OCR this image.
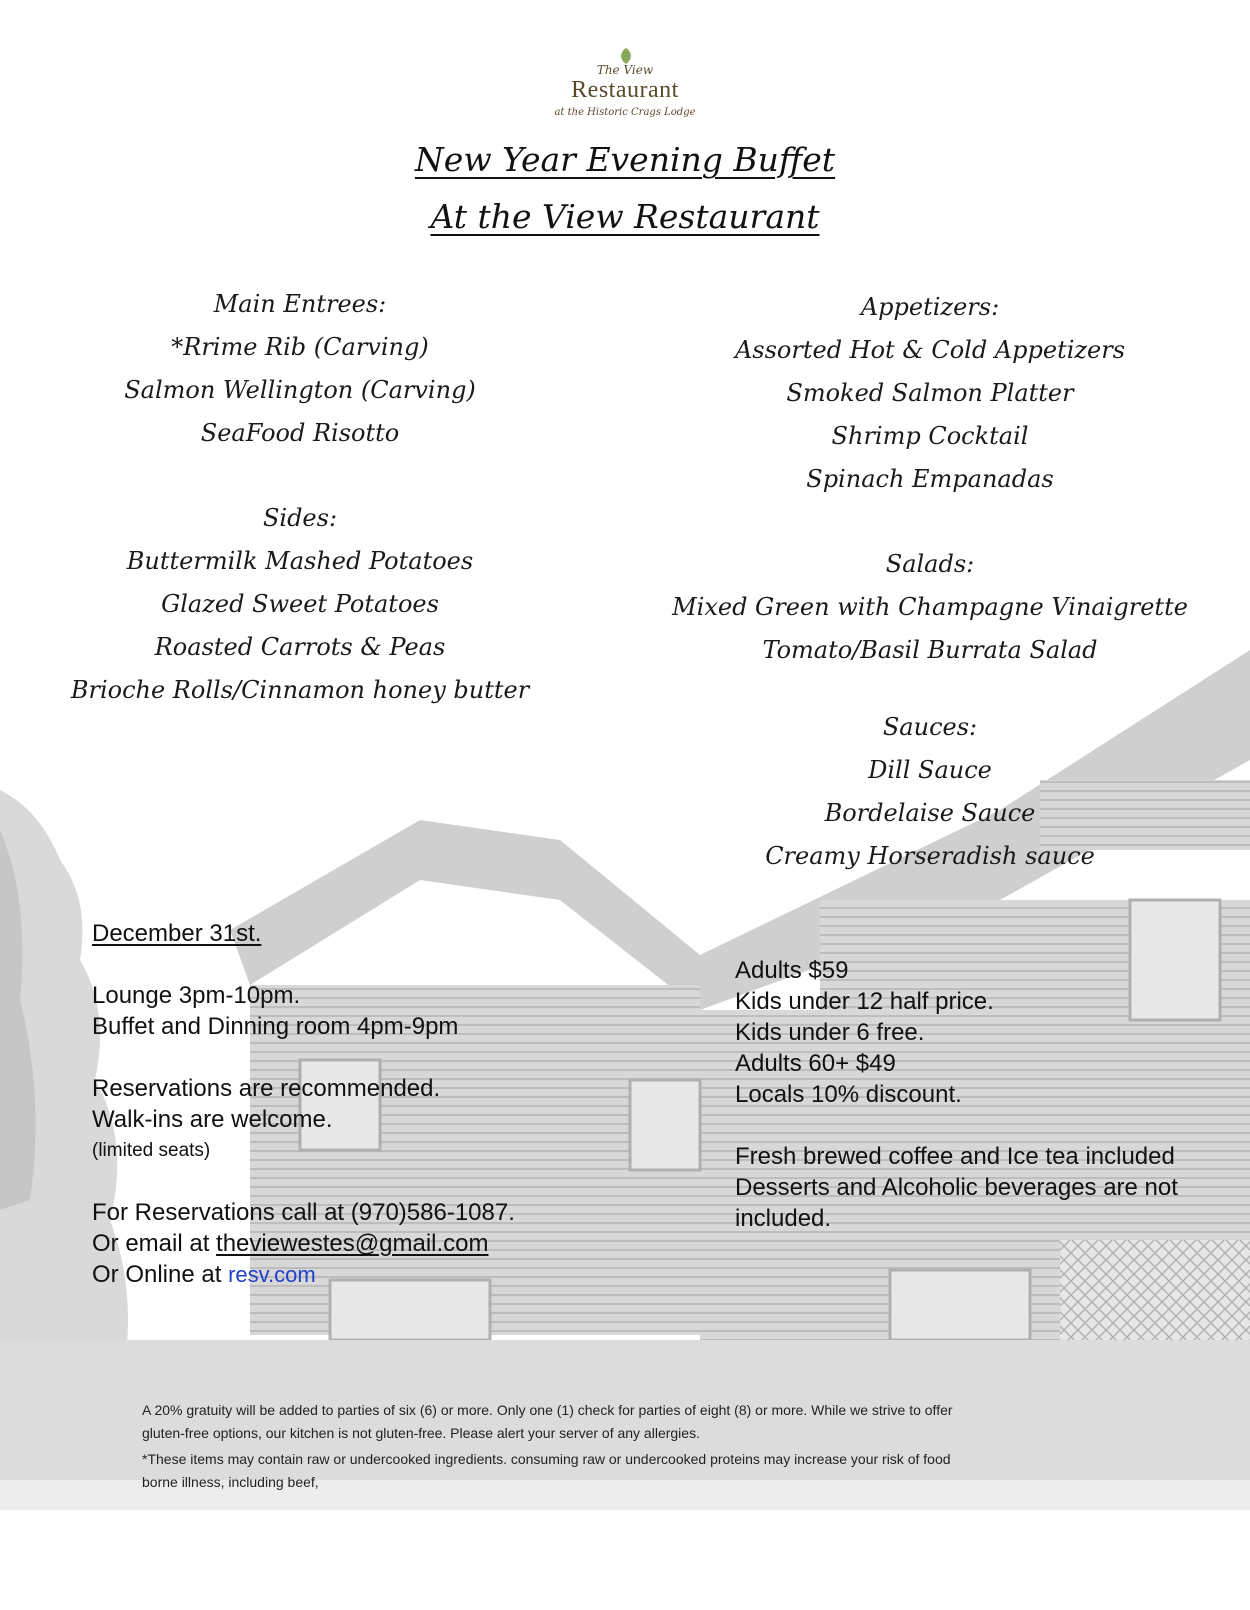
The View
Restaurant
at the Historic Crags Lodge
New Year Evening Buffet
At the View Restaurant
Main Entrees:
*Rrime Rib (Carving)
Salmon Wellington (Carving)
SeaFood Risotto
Sides:
Buttermilk Mashed Potatoes
Glazed Sweet Potatoes
Roasted Carrots & Peas
Brioche Rolls/Cinnamon honey butter
Appetizers:
Assorted Hot & Cold Appetizers
Smoked Salmon Platter
Shrimp Cocktail
Spinach Empanadas
Salads:
Mixed Green with Champagne Vinaigrette
Tomato/Basil Burrata Salad
Sauces:
Dill Sauce
Bordelaise Sauce
Creamy Horseradish sauce
December 31st.
Lounge 3pm-10pm.
Buffet and Dinning room 4pm-9pm
Reservations are recommended.
Walk-ins are welcome.
(limited seats)
For Reservations call at (970)586-1087.
Or email at theviewestes@gmail.com
Or Online at resv.com
Adults $59
Kids under 12 half price.
Kids under 6 free.
Adults 60+ $49
Locals 10% discount.
Fresh brewed coffee and Ice tea included
Desserts and Alcoholic beverages are not
included.
A 20% gratuity will be added to parties of six (6) or more. Only one (1) check for parties of eight (8) or more. While we strive to offer
gluten-free options, our kitchen is not gluten-free. Please alert your server of any allergies.
*These items may contain raw or undercooked ingredients. consuming raw or undercooked proteins may increase your risk of food
borne illness, including beef,
